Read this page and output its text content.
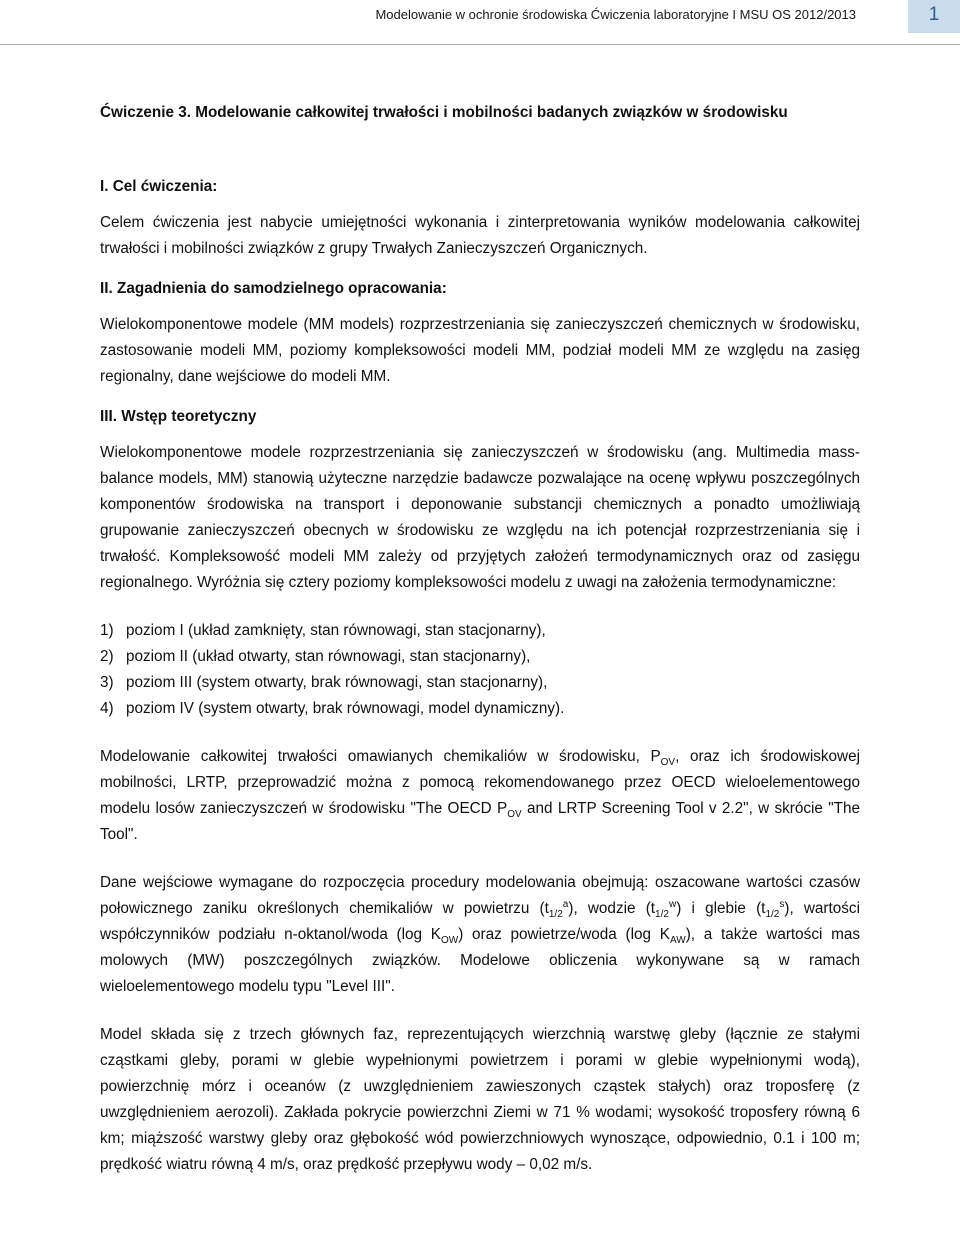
Modelowanie w ochronie środowiska Ćwiczenia laboratoryjne I MSU OS 2012/2013	1

Ćwiczenie 3. Modelowanie całkowitej trwałości i mobilności badanych związków w środowisku

I. Cel ćwiczenia:

Celem ćwiczenia jest nabycie umiejętności wykonania i zinterpretowania wyników modelowania całkowitej trwałości i mobilności związków z grupy Trwałych Zanieczyszczeń Organicznych.

II. Zagadnienia do samodzielnego opracowania:

Wielokomponentowe modele (MM models) rozprzestrzeniania się zanieczyszczeń chemicznych w środowisku, zastosowanie modeli MM, poziomy kompleksowości modeli MM, podział modeli MM ze względu na zasięg regionalny, dane wejściowe do modeli MM.

III. Wstęp teoretyczny

Wielokomponentowe modele rozprzestrzeniania się zanieczyszczeń w środowisku (ang. Multimedia mass-balance models, MM) stanowią użyteczne narzędzie badawcze pozwalające na ocenę wpływu poszczególnych komponentów środowiska na transport i deponowanie substancji chemicznych a ponadto umożliwiają grupowanie zanieczyszczeń obecnych w środowisku ze względu na ich potencjał rozprzestrzeniania się i trwałość. Kompleksowość modeli MM zależy od przyjętych założeń termodynamicznych oraz od zasięgu regionalnego. Wyróżnia się cztery poziomy kompleksowości modelu z uwagi na założenia termodynamiczne:

1) poziom I (układ zamknięty, stan równowagi, stan stacjonarny),
2) poziom II (układ otwarty, stan równowagi, stan stacjonarny),
3) poziom III (system otwarty, brak równowagi, stan stacjonarny),
4) poziom IV (system otwarty, brak równowagi, model dynamiczny).

Modelowanie całkowitej trwałości omawianych chemikaliów w środowisku, $P_{OV}$, oraz ich środowiskowej mobilności, LRTP, przeprowadzić można z pomocą rekomendowanego przez OECD wieloelementowego modelu losów zanieczyszczeń w środowisku "The OECD $P_{OV}$ and LRTP Screening Tool v 2.2", w skrócie "The Tool".

Dane wejściowe wymagane do rozpoczęcia procedury modelowania obejmują: oszacowane wartości czasów połowicznego zaniku określonych chemikaliów w powietrzu $(t_{1/2}^a)$, wodzie $(t_{1/2}^w)$ i glebie $(t_{1/2}^s)$, wartości współczynników podziału n-oktanol/woda (log $K_{OW}$) oraz powietrze/woda (log $K_{AW}$), a także wartości mas molowych (MW) poszczególnych związków. Modelowe obliczenia wykonywane są w ramach wieloelementowego modelu typu "Level III".

Model składa się z trzech głównych faz, reprezentujących wierzchnią warstwę gleby (łącznie ze stałymi cząstkami gleby, porami w glebie wypełnionymi powietrzem i porami w glebie wypełnionymi wodą), powierzchnię mórz i oceanów (z uwzględnieniem zawieszonych cząstek stałych) oraz troposferę (z uwzględnieniem aerozoli). Zakłada pokrycie powierzchni Ziemi w 71 % wodami; wysokość troposfery równą 6 km; miąższość warstwy gleby oraz głębokość wód powierzchniowych wynoszące, odpowiednio, 0.1 i 100 m; prędkość wiatru równą 4 m/s, oraz prędkość przepływu wody – 0,02 m/s.
